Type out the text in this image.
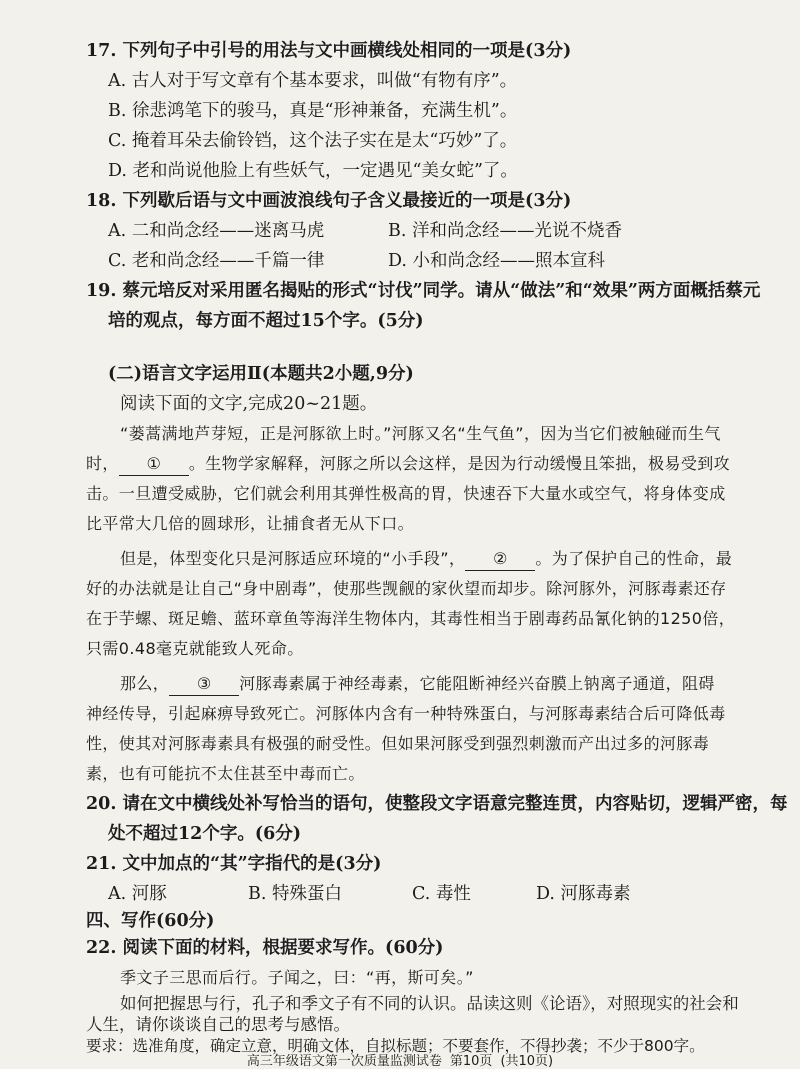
17. 下列句子中引号的用法与文中画横线处相同的一项是(3分)
A. 古人对于写文章有个基本要求，叫做“有物有序”。
B. 徐悲鸿笔下的骏马，真是“形神兼备，充满生机”。
C. 掩着耳朵去偷铃铛，这个法子实在是太“巧妙”了。
D. 老和尚说他脸上有些妖气，一定遇见“美女蛇”了。
18. 下列歇后语与文中画波浪线句子含义最接近的一项是(3分)
A. 二和尚念经——迷离马虎	B. 洋和尚念经——光说不烧香
C. 老和尚念经——千篇一律	D. 小和尚念经——照本宣科
19. 蔡元培反对采用匿名揭贴的形式“讨伐”同学。请从“做法”和“效果”两方面概括蔡元
培的观点，每方面不超过15个字。(5分)
(二)语言文字运用Ⅱ(本题共2小题,9分)
阅读下面的文字,完成20~21题。
“蒌蒿满地芦芽短，正是河豚欲上时。”河豚又名“生气鱼”，因为当它们被触碰而生气
时， ① 。生物学家解释，河豚之所以会这样，是因为行动缓慢且笨拙，极易受到攻
击。一旦遭受威胁，它们就会利用其弹性极高的胃，快速吞下大量水或空气，将身体变成
比平常大几倍的圆球形，让捕食者无从下口。
但是，体型变化只是河豚适应环境的“小手段”， ② 。为了保护自己的性命，最
好的办法就是让自己“身中剧毒”，使那些觊觎的家伙望而却步。除河豚外，河豚毒素还存
在于芋螺、斑足蟾、蓝环章鱼等海洋生物体内，其毒性相当于剧毒药品氰化钠的1250倍，
只需0.48毫克就能致人死命。
那么， ③ 河豚毒素属于神经毒素，它能阻断神经兴奋膜上钠离子通道，阻碍
神经传导，引起麻痹导致死亡。河豚体内含有一种特殊蛋白，与河豚毒素结合后可降低毒
性，使其对河豚毒素具有极强的耐受性。但如果河豚受到强烈刺激而产出过多的河豚毒
素，也有可能抗不太住甚至中毒而亡。
20. 请在文中横线处补写恰当的语句，使整段文字语意完整连贯，内容贴切，逻辑严密，每
处不超过12个字。(6分)
21. 文中加点的“其”字指代的是(3分)
A. 河豚	B. 特殊蛋白	C. 毒性	D. 河豚毒素
四、写作(60分)
22. 阅读下面的材料，根据要求写作。(60分)
季文子三思而后行。子闻之，曰：“再，斯可矣。”
如何把握思与行，孔子和季文子有不同的认识。品读这则《论语》，对照现实的社会和
人生，请你谈谈自己的思考与感悟。
要求：选准角度，确定立意，明确文体，自拟标题；不要套作，不得抄袭；不少于800字。
高三年级语文第一次质量监测试卷 第10页 (共10页)
